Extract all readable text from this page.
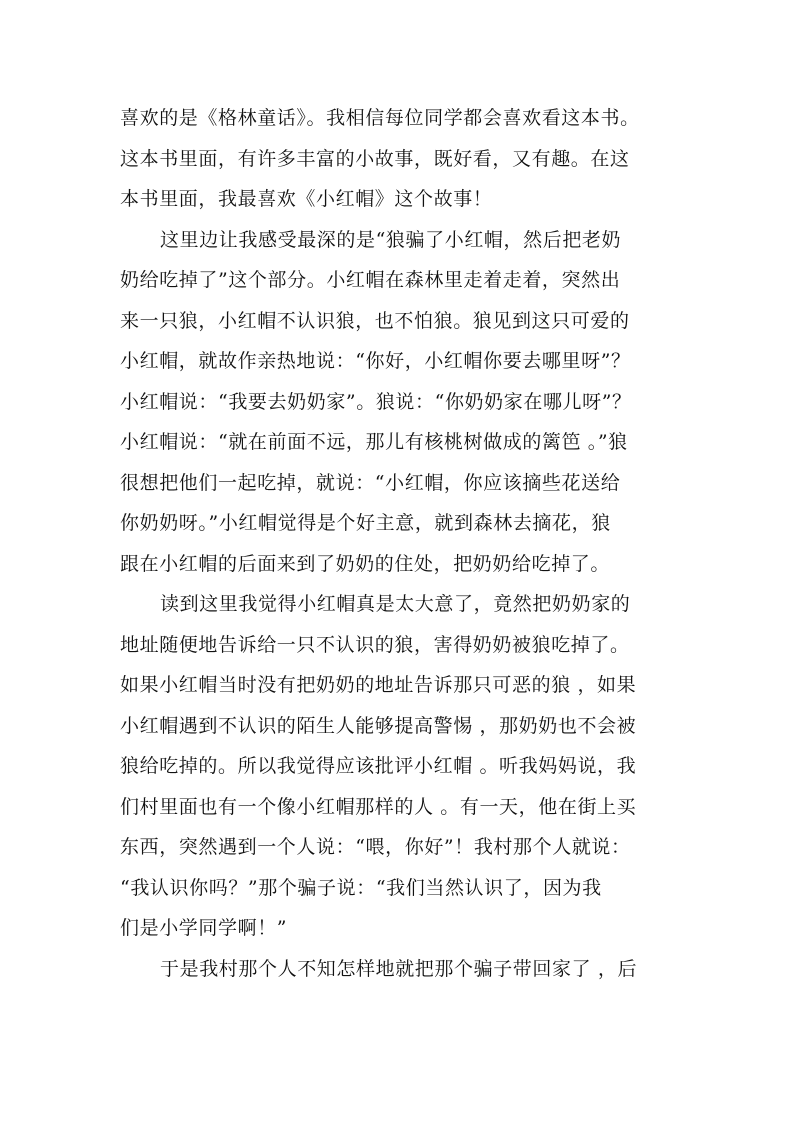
喜欢的是《格林童话》。我相信每位同学都会喜欢看这本书。
这本书里面，有许多丰富的小故事，既好看，又有趣。在这
本书里面，我最喜欢《小红帽》这个故事！
这里边让我感受最深的是“狼骗了小红帽，然后把老奶
奶给吃掉了”这个部分。小红帽在森林里走着走着，突然出
来一只狼，小红帽不认识狼，也不怕狼。狼见到这只可爱的
小红帽，就故作亲热地说：“你好，小红帽你要去哪里呀”？
小红帽说：“我要去奶奶家”。狼说：“你奶奶家在哪儿呀”？
小红帽说：“就在前面不远，那儿有核桃树做成的篱笆 。”狼
很想把他们一起吃掉，就说：“小红帽，你应该摘些花送给
你奶奶呀。”小红帽觉得是个好主意，就到森林去摘花，狼
跟在小红帽的后面来到了奶奶的住处，把奶奶给吃掉了。
读到这里我觉得小红帽真是太大意了，竟然把奶奶家的
地址随便地告诉给一只不认识的狼，害得奶奶被狼吃掉了。
如果小红帽当时没有把奶奶的地址告诉那只可恶的狼 ，如果
小红帽遇到不认识的陌生人能够提高警惕 ，那奶奶也不会被
狼给吃掉的。所以我觉得应该批评小红帽 。听我妈妈说，我
们村里面也有一个像小红帽那样的人 。有一天，他在街上买
东西，突然遇到一个人说：“喂，你好”！我村那个人就说：
“我认识你吗？”那个骗子说：“我们当然认识了，因为我
们是小学同学啊！”
于是我村那个人不知怎样地就把那个骗子带回家了 ，后
